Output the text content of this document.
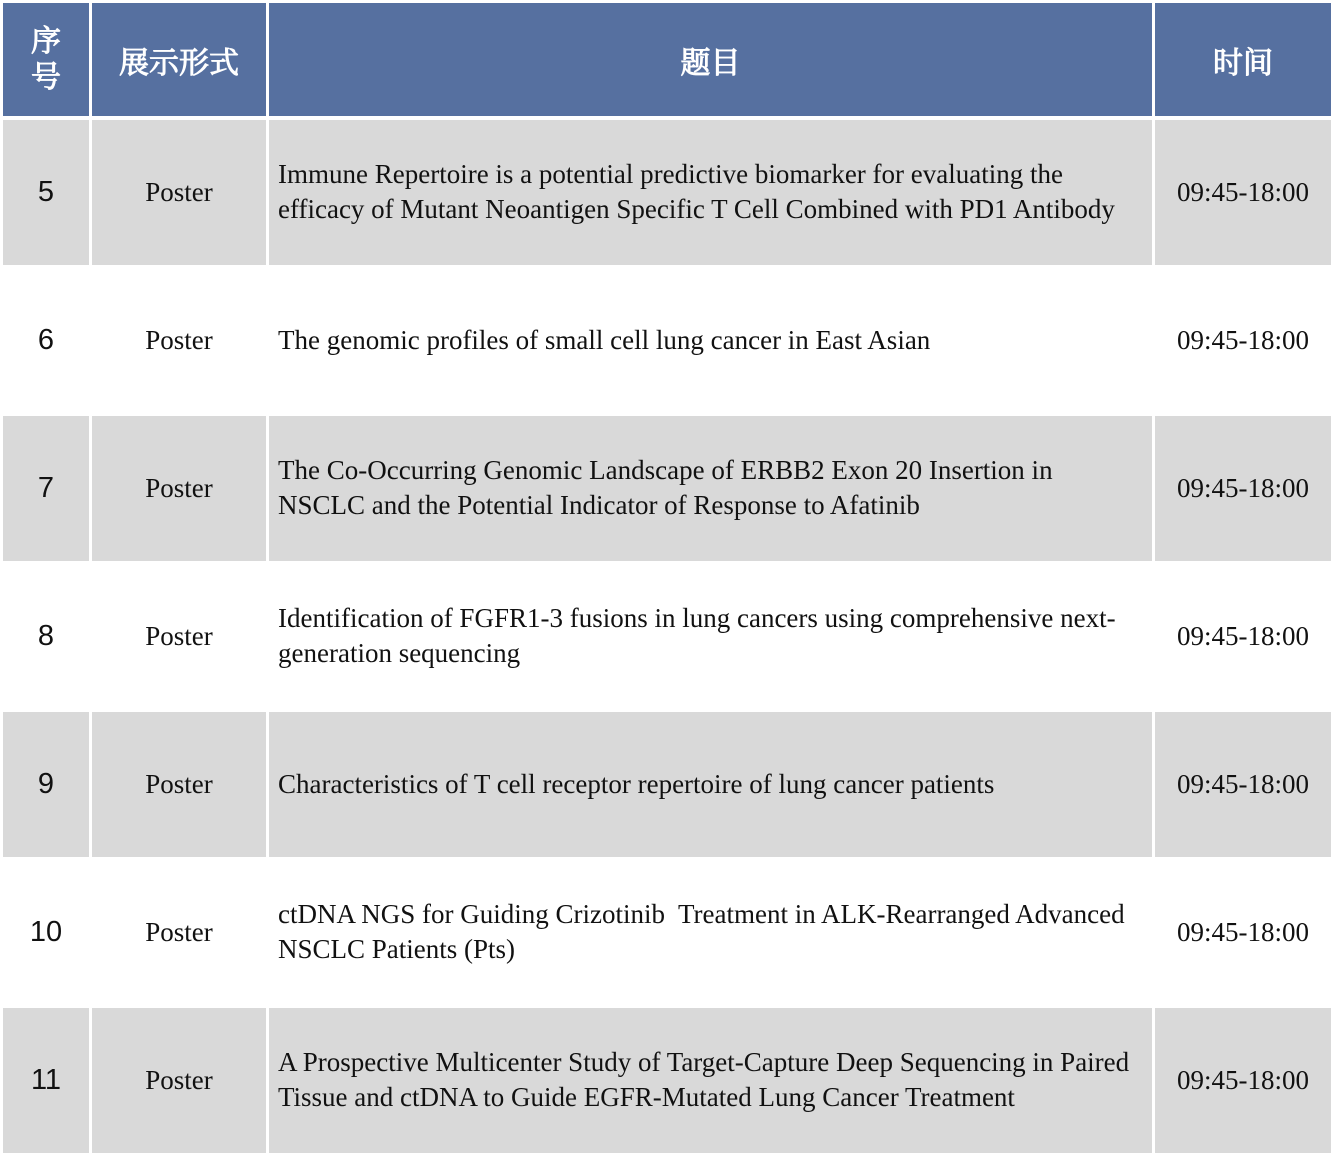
序号	展示形式	题目	时间
5	Poster	Immune Repertoire is a potential predictive biomarker for evaluating the efficacy of Mutant Neoantigen Specific T Cell Combined with PD1 Antibody	09:45-18:00
6	Poster	The genomic profiles of small cell lung cancer in East Asian	09:45-18:00
7	Poster	The Co-Occurring Genomic Landscape of ERBB2 Exon 20 Insertion in NSCLC and the Potential Indicator of Response to Afatinib	09:45-18:00
8	Poster	Identification of FGFR1-3 fusions in lung cancers using comprehensive next-generation sequencing	09:45-18:00
9	Poster	Characteristics of T cell receptor repertoire of lung cancer patients	09:45-18:00
10	Poster	ctDNA NGS for Guiding Crizotinib  Treatment in ALK-Rearranged Advanced NSCLC Patients (Pts)	09:45-18:00
11	Poster	A Prospective Multicenter Study of Target-Capture Deep Sequencing in Paired Tissue and ctDNA to Guide EGFR-Mutated Lung Cancer Treatment	09:45-18:00
